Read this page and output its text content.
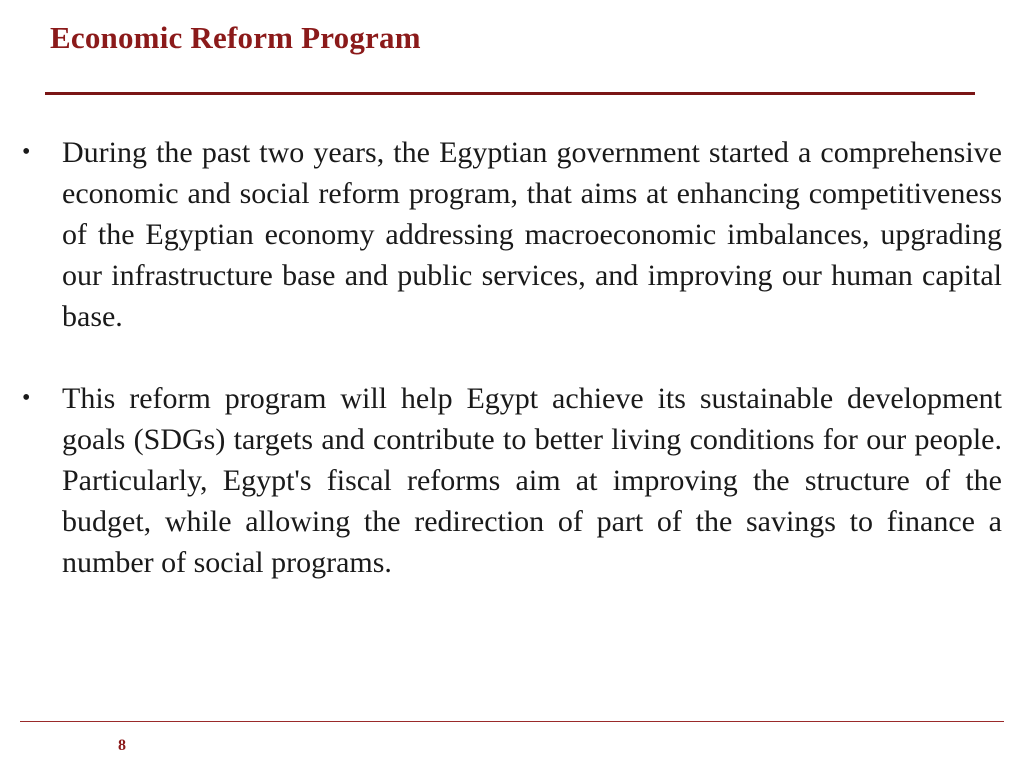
Economic Reform Program
•	During the past two years, the Egyptian government started a comprehensive economic and social reform program, that aims at enhancing competitiveness of the Egyptian economy addressing macroeconomic imbalances, upgrading our infrastructure base and public services, and improving our human capital base.
•	This reform program will help Egypt achieve its sustainable development goals (SDGs) targets and contribute to better living conditions for our people. Particularly, Egypt's fiscal reforms aim at improving the structure of the budget, while allowing the redirection of part of the savings to finance a number of social programs.
8
